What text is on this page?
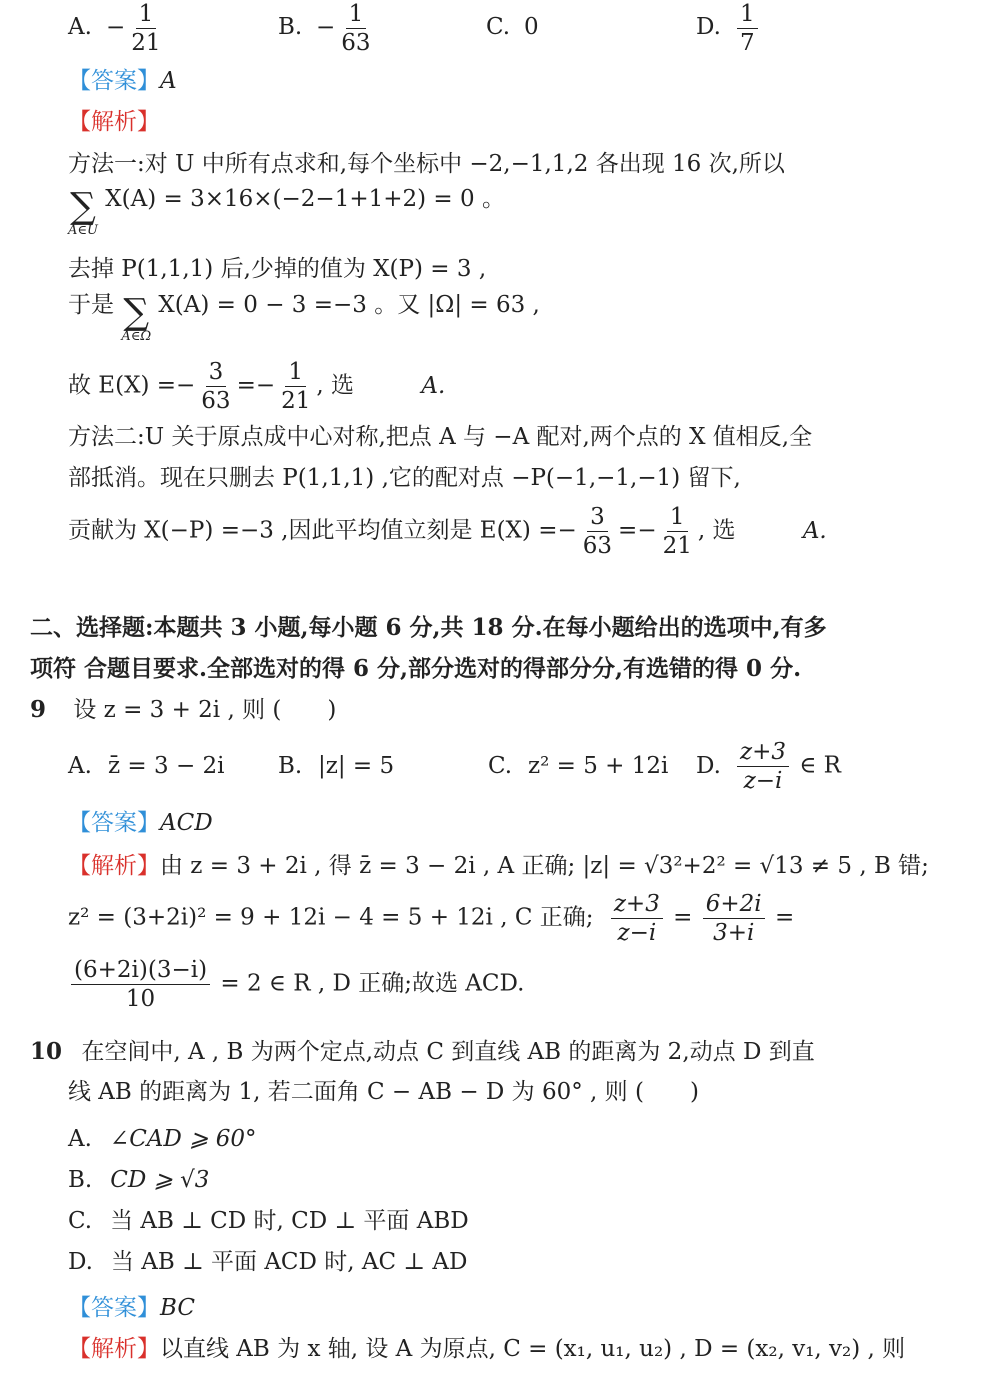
A. − $\frac{1}{21}$	B. − $\frac{1}{63}$	C. 0	D. $\frac{1}{7}$
【答案】A
【解析】
方法一:对 U 中所有点求和,每个坐标中 −2,−1,1,2 各出现 16 次,所以
∑
A∈U
X(A) = 3×16×(−2−1+1+2) = 0 。
去掉 P(1,1,1) 后,少掉的值为 X(P) = 3 ,
于是 ∑
A∈Ω
X(A) = 0 − 3 =−3 。又 |Ω| = 63 ,
故 $E(X) =- \frac{3}{63} =- \frac{1}{21}$ , 选	A.
方法二:U 关于原点成中心对称,把点 A 与 −A 配对,两个点的 X 值相反,全
部抵消。现在只删去 P(1,1,1) ,它的配对点 −P(−1,−1,−1) 留下,
贡献为 X(−P) =−3 ,因此平均值立刻是 $E(X) =- \frac{3}{63} =- \frac{1}{21}$ , 选	A.
二、选择题:本题共 3 小题,每小题 6 分,共 18 分.在每小题给出的选项中,有多
项符 合题目要求.全部选对的得 6 分,部分选对的得部分分,有选错的得 0 分.
9 设 z = 3 + 2i , 则 (　　)
A. z̄ = 3 − 2i B. |z| = 5	C. z² = 5 + 12i D. $\frac{z+3}{z-i}$ ∈ R
【答案】ACD
【解析】由 z = 3 + 2i , 得 z̄ = 3 − 2i , A 正确; |z| = √3²+2² = √13 ≠ 5 , B 错;
z² = (3+2i)² = 9 + 12i − 4 = 5 + 12i , C 正确; $\frac{z+3}{z-i} = \frac{6+2i}{3+i}$ =
$\frac{(6+2i)(3-i)}{10} = 2$ ∈ R , D 正确;故选 ACD.
10 在空间中, A , B 为两个定点,动点 C 到直线 AB 的距离为 2,动点 D 到直
线 AB 的距离为 1, 若二面角 C − AB − D 为 60° , 则 (　　)
A. ∠CAD ⩾ 60°
B. CD ⩾ √3
C. 当 AB ⊥ CD 时, CD ⊥ 平面 ABD
D. 当 AB ⊥ 平面 ACD 时, AC ⊥ AD
【答案】BC
【解析】以直线 AB 为 x 轴, 设 A 为原点, C = (x₁, u₁, u₂) , D = (x₂, v₁, v₂) , 则
